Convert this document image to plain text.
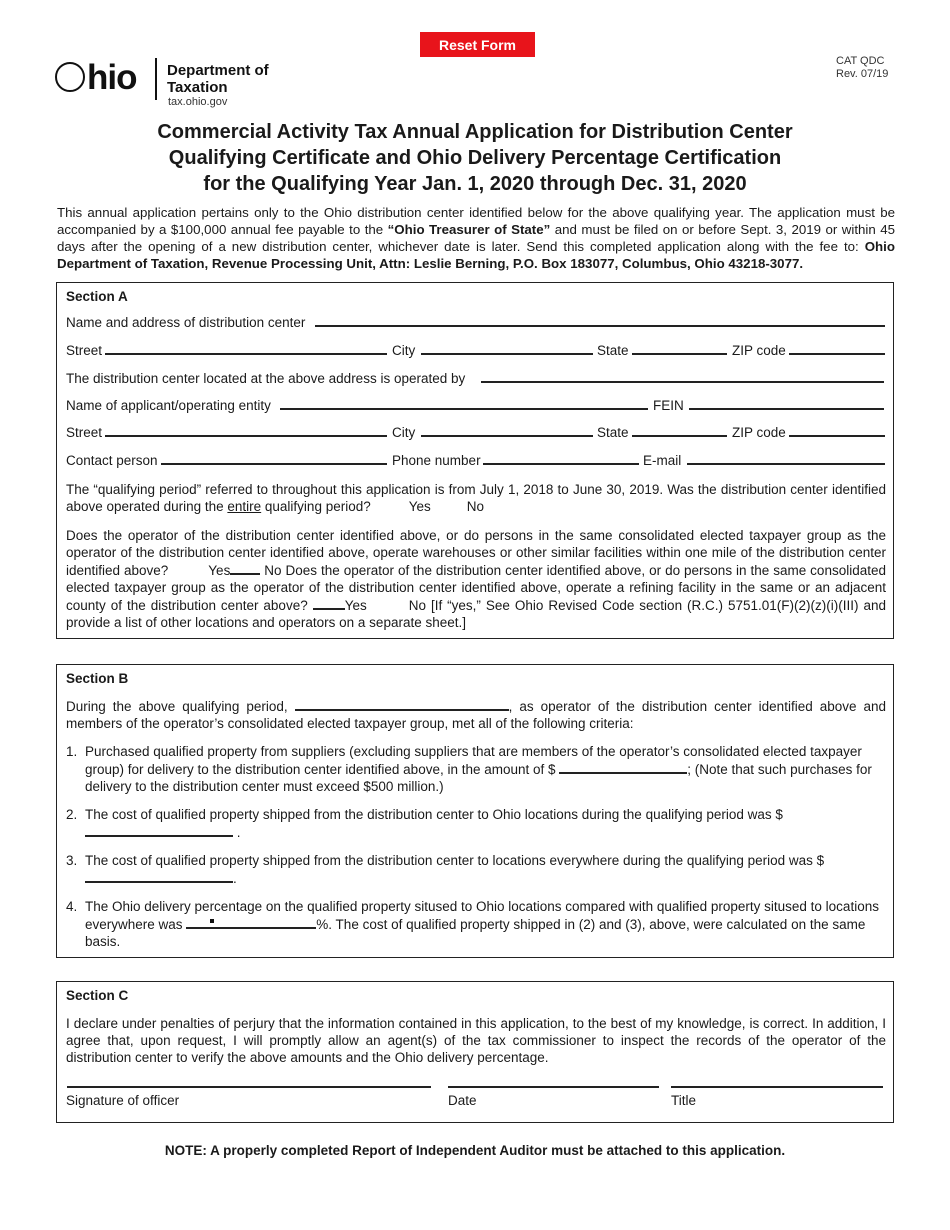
Reset Form
CAT QDC
Rev. 07/19
hio Department of
Taxation
tax.ohio.gov
Commercial Activity Tax Annual Application for Distribution Center
Qualifying Certificate and Ohio Delivery Percentage Certification
for the Qualifying Year Jan. 1, 2020 through Dec. 31, 2020
This annual application pertains only to the Ohio distribution center identified below for the above qualifying year. The application must be accompanied by a $100,000 annual fee payable to the “Ohio Treasurer of State” and must be filed on or before Sept. 3, 2019 or within 45 days after the opening of a new distribution center, whichever date is later. Send this completed application along with the fee to: Ohio Department of Taxation, Revenue Processing Unit, Attn: Leslie Berning, P.O. Box 183077, Columbus, Ohio 43218-3077.
Section A
Name and address of distribution center
Street	City	State	ZIP code
The distribution center located at the above address is operated by
Name of applicant/operating entity	FEIN
Street	City	State	ZIP code
Contact person	Phone number	E-mail
The “qualifying period” referred to throughout this application is from July 1, 2018 to June 30, 2019. Was the distribution center identified above operated during the entire qualifying period?	Yes	No
Does the operator of the distribution center identified above, or do persons in the same consolidated elected taxpayer group as the operator of the distribution center identified above, operate warehouses or other similar facilities within one mile of the distribution center identified above?	Yes	No Does the operator of the distribution center identified above, or do persons in the same consolidated elected taxpayer group as the operator of the distribution center identified above, operate a refining facility in the same or an adjacent county of the distribution center above?	Yes	No [If “yes,” See Ohio Revised Code section (R.C.) 5751.01(F)(2)(z)(i)(III) and provide a list of other locations and operators on a separate sheet.]
Section B
During the above qualifying period,	, as operator of the distribution center identified above and members of the operator’s consolidated elected taxpayer group, met all of the following criteria:
1. Purchased qualified property from suppliers (excluding suppliers that are members of the operator’s consolidated elected taxpayer group) for delivery to the distribution center identified above, in the amount of $	; (Note that such purchases for delivery to the distribution center must exceed $500 million.)
2. The cost of qualified property shipped from the distribution center to Ohio locations during the qualifying period was $  .
3. The cost of qualified property shipped from the distribution center to locations everywhere during the qualifying period was $ .
4. The Ohio delivery percentage on the qualified property sitused to Ohio locations compared with qualified property sitused to locations everywhere was	%. The cost of qualified property shipped in (2) and (3), above, were calculated on the same basis.
Section C
I declare under penalties of perjury that the information contained in this application, to the best of my knowledge, is correct. In addition, I agree that, upon request, I will promptly allow an agent(s) of the tax commissioner to inspect the records of the operator of the distribution center to verify the above amounts and the Ohio delivery percentage.
Signature of officer	Date	Title
NOTE: A properly completed Report of Independent Auditor must be attached to this application.
